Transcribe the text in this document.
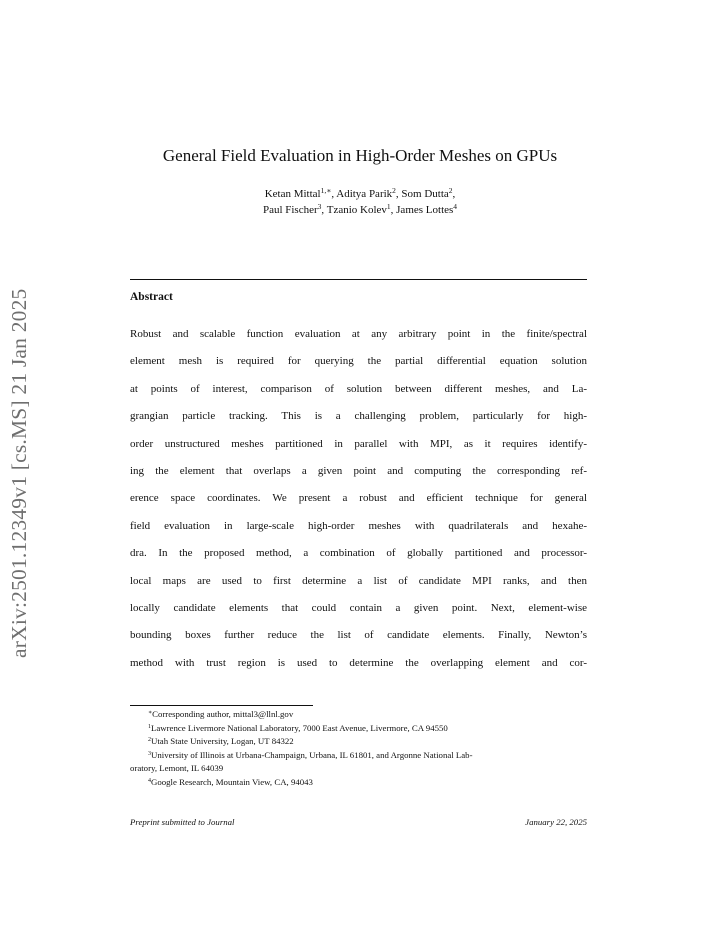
arXiv:2501.12349v1 [cs.MS] 21 Jan 2025
General Field Evaluation in High-Order Meshes on GPUs
Ketan Mittal$^{1,∗}$, Aditya Parik$^2$, Som Dutta$^2$,
Paul Fischer$^3$, Tzanio Kolev$^1$, James Lottes$^4$
Abstract
Robust and scalable function evaluation at any arbitrary point in the finite/spectral
element mesh is required for querying the partial differential equation solution
at points of interest, comparison of solution between different meshes, and La-
grangian particle tracking. This is a challenging problem, particularly for high-
order unstructured meshes partitioned in parallel with MPI, as it requires identify-
ing the element that overlaps a given point and computing the corresponding ref-
erence space coordinates. We present a robust and efficient technique for general
field evaluation in large-scale high-order meshes with quadrilaterals and hexahe-
dra. In the proposed method, a combination of globally partitioned and processor-
local maps are used to first determine a list of candidate MPI ranks, and then
locally candidate elements that could contain a given point. Next, element-wise
bounding boxes further reduce the list of candidate elements. Finally, Newton’s
method with trust region is used to determine the overlapping element and cor-
∗Corresponding author, mittal3@llnl.gov
$^1$Lawrence Livermore National Laboratory, 7000 East Avenue, Livermore, CA 94550
$^2$Utah State University, Logan, UT 84322
$^3$University of Illinois at Urbana-Champaign, Urbana, IL 61801, and Argonne National Lab-
oratory, Lemont, IL 64039
$^4$Google Research, Mountain View, CA, 94043
Preprint submitted to Journal	January 22, 2025
